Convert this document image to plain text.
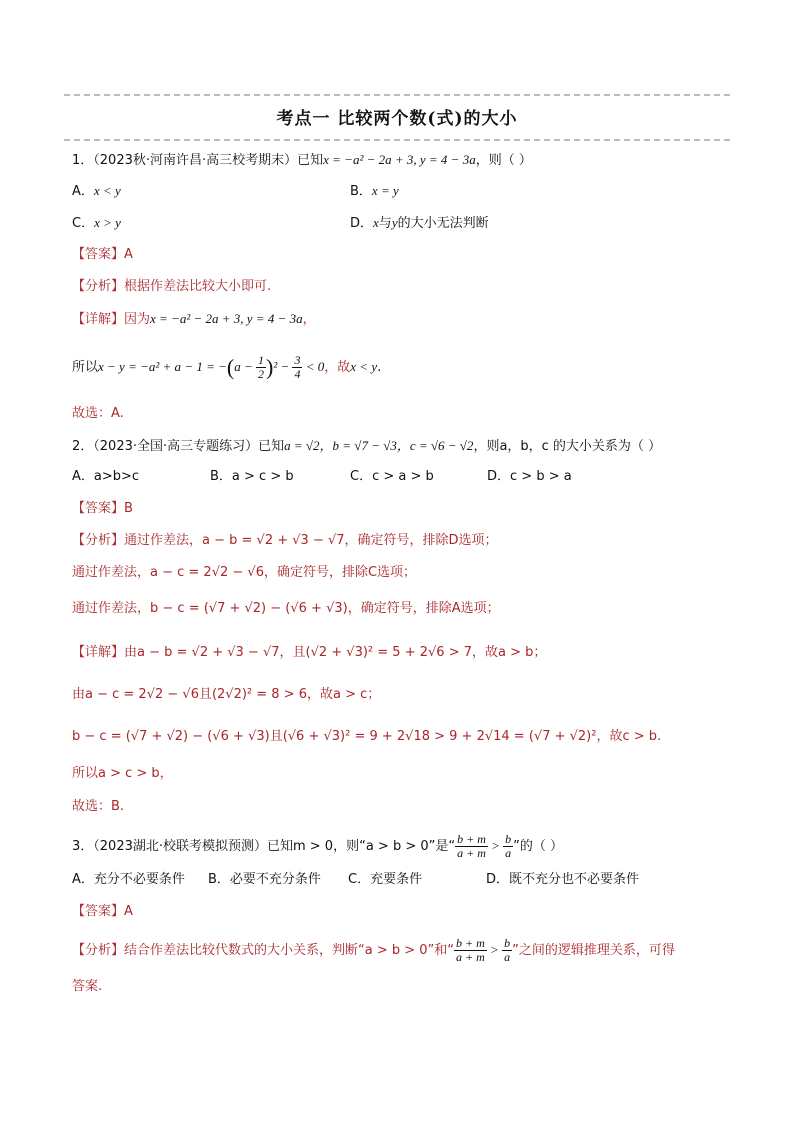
考点一 比较两个数(式)的大小
1．（2023秋·河南许昌·高三校考期末）已知x = −a² − 2a + 3, y = 4 − 3a，则（ ）
A．x < y	B．x = y
C．x > y	D．x与y的大小无法判断
【答案】A
【分析】根据作差法比较大小即可.
【详解】因为x = −a² − 2a + 3, y = 4 − 3a，
所以$x - y = -a^2 + a - 1 = -(a - \frac{1}{2} )^2 - \frac{3}{4} < 0$，故x < y.
故选：A.
2．（2023·全国·高三专题练习）已知a = √2，b = √7 − √3，c = √6 − √2，则a，b，c 的大小关系为（ ）
A．a>b>c	B．a > c > b	C．c > a > b	D．c > b > a
【答案】B
【分析】通过作差法，a − b = √2 + √3 − √7，确定符号，排除D选项；
通过作差法，a − c = 2√2 − √6，确定符号，排除C选项；
通过作差法，b − c = (√7 + √2) − (√6 + √3)，确定符号，排除A选项；
【详解】由a − b = √2 + √3 − √7，且(√2 + √3)² = 5 + 2√6 > 7，故a > b；
由a − c = 2√2 − √6且(2√2)² = 8 > 6，故a > c；
b − c = (√7 + √2) − (√6 + √3)且(√6 + √3)² = 9 + 2√18 > 9 + 2√14 = (√7 + √2)²，故c > b.
所以a > c > b，
故选：B.
3．（2023湖北·校联考模拟预测）已知m > 0，则“a > b > 0”是“ $\frac{b + m}{a + m} > \frac{b}{a}$ ”的（ ）
A．充分不必要条件 B．必要不充分条件 C．充要条件	D．既不充分也不必要条件
【答案】A
【分析】结合作差法比较代数式的大小关系，判断“a > b > 0”和“ $\frac{b + m}{a + m} > \frac{b}{a}$ ”之间的逻辑推理关系，可得
答案.
